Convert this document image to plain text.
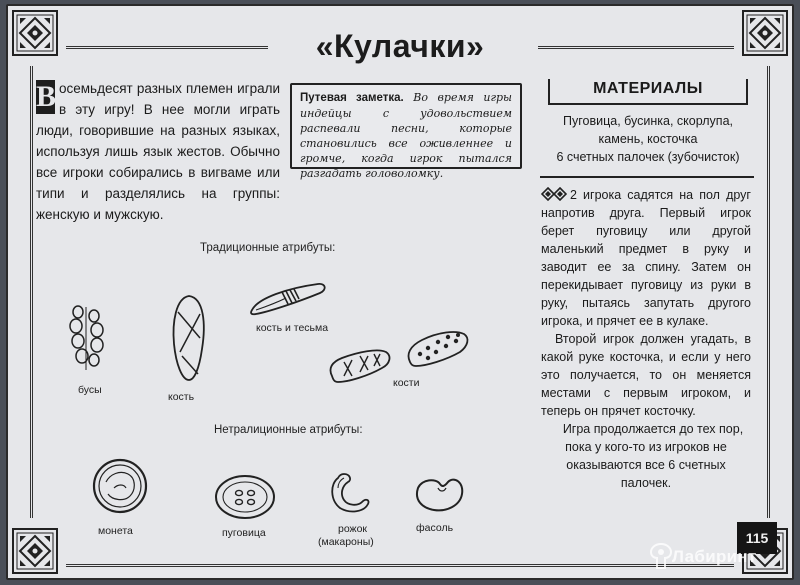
«Кулачки»
В осемьдесят разных племен играли в эту игру! В нее могли играть люди, говорившие на разных языках, используя лишь язык жестов. Обычно все игроки собирались в вигваме или типи и разделялись на группы: женскую и мужскую.
Путевая заметка. Во время игры индейцы с удовольствием распевали песни, которые становились все оживленнее и громче, когда игрок пытался разгадать головоломку.
МАТЕРИАЛЫ
Пуговица, бусинка, скорлупа,
камень, косточка
6 счетных палочек (зубочисток)

2 игрока садятся на пол друг напротив друга. Первый игрок берет пуговицу или другой маленький предмет в руку и заводит ее за спину. Затем он перекидывает пуговицу из руки в руку, пытаясь запутать другого игрока, и прячет ее в кулаке.

Второй игрок должен угадать, в какой руке косточка, и если у него это получается, то он меняется местами с первым игроком, и теперь он прячет косточку.

Игра продолжается до тех пор, пока у кого-то из игроков не оказываются все 6 счетных палочек.

Традиционные атрибуты:
бусы
кость
кость и тесьма
кости
Нетралиционные атрибуты:
монета	пуговица	рожок
(макароны)
фасоль
115
Лабиринт
